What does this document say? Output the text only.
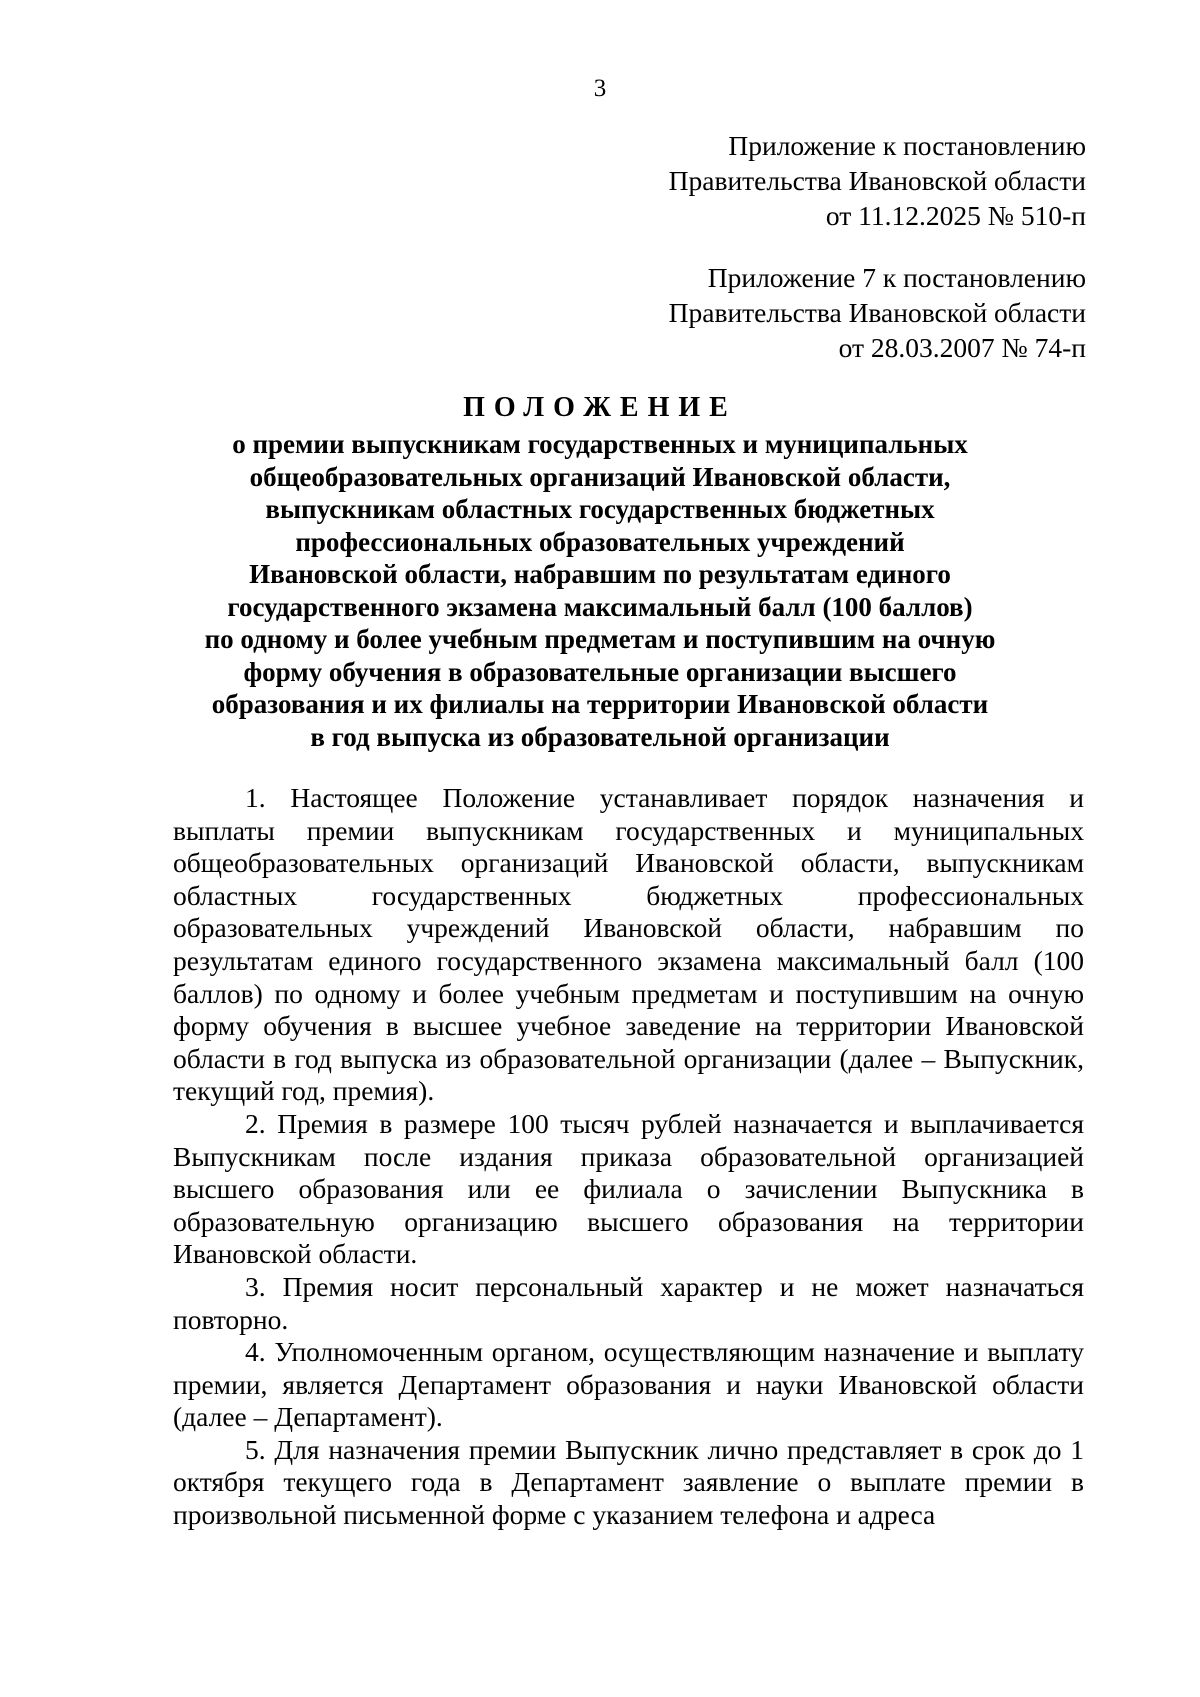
3
Приложение к постановлению
Правительства Ивановской области
от 11.12.2025 № 510-п
Приложение 7 к постановлению
Правительства Ивановской области
от 28.03.2007 № 74-п
ПОЛОЖЕНИЕ
о премии выпускникам государственных и муниципальных
общеобразовательных организаций Ивановской области,
выпускникам областных государственных бюджетных
профессиональных образовательных учреждений
Ивановской области, набравшим по результатам единого
государственного экзамена максимальный балл (100 баллов)
по одному и более учебным предметам и поступившим на очную
форму обучения в образовательные организации высшего
образования и их филиалы на территории Ивановской области
в год выпуска из образовательной организации

1. Настоящее Положение устанавливает порядок назначения и выплаты премии выпускникам государственных и муниципальных общеобразовательных организаций Ивановской области, выпускникам областных государственных бюджетных профессиональных образовательных учреждений Ивановской области, набравшим по результатам единого государственного экзамена максимальный балл (100 баллов) по одному и более учебным предметам и поступившим на очную форму обучения в высшее учебное заведение на территории Ивановской области в год выпуска из образовательной организации (далее – Выпускник, текущий год, премия).

2. Премия в размере 100 тысяч рублей назначается и выплачивается Выпускникам после издания приказа образовательной организацией высшего образования или ее филиала о зачислении Выпускника в образовательную организацию высшего образования на территории Ивановской области.

3. Премия носит персональный характер и не может назначаться повторно.

4. Уполномоченным органом, осуществляющим назначение и выплату премии, является Департамент образования и науки Ивановской области (далее – Департамент).

5. Для назначения премии Выпускник лично представляет в срок до 1 октября текущего года в Департамент заявление о выплате премии в произвольной письменной форме с указанием телефона и адреса
